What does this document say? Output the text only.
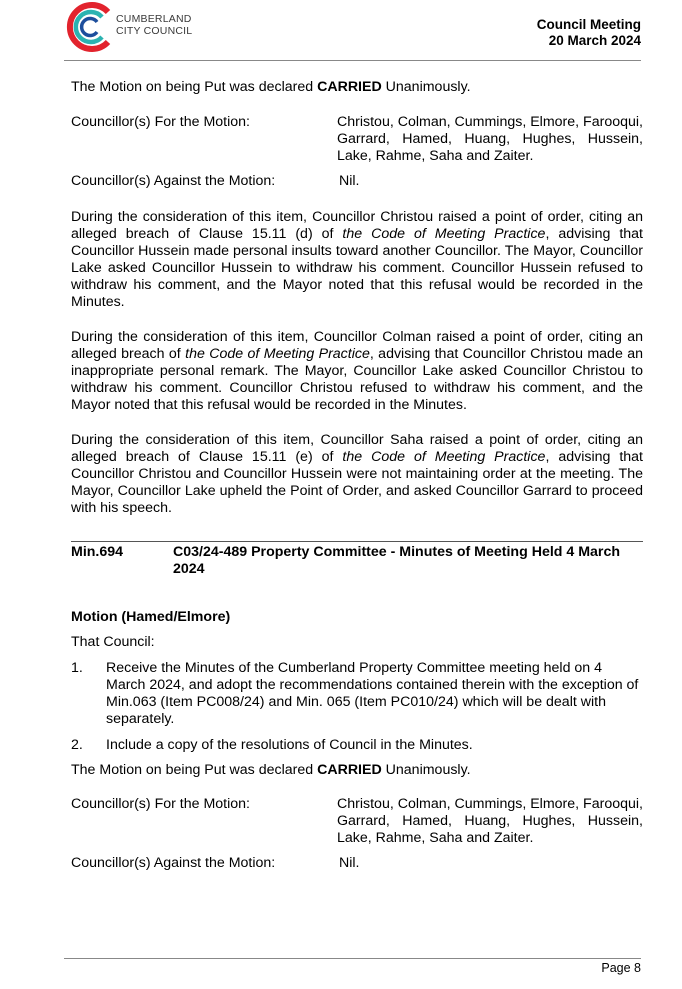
CUMBERLAND
CITY COUNCIL	Council Meeting
20 March 2024

The Motion on being Put was declared CARRIED Unanimously.

Councillor(s) For the Motion:	Christou, Colman, Cummings, Elmore, Farooqui, Garrard, Hamed, Huang, Hughes, Hussein, Lake, Rahme, Saha and Zaiter.
Councillor(s) Against the Motion:	Nil.

During the consideration of this item, Councillor Christou raised a point of order, citing an alleged breach of Clause 15.11 (d) of the Code of Meeting Practice, advising that Councillor Hussein made personal insults toward another Councillor. The Mayor, Councillor Lake asked Councillor Hussein to withdraw his comment. Councillor Hussein refused to withdraw his comment, and the Mayor noted that this refusal would be recorded in the Minutes.

During the consideration of this item, Councillor Colman raised a point of order, citing an alleged breach of the Code of Meeting Practice, advising that Councillor Christou made an inappropriate personal remark. The Mayor, Councillor Lake asked Councillor Christou to withdraw his comment. Councillor Christou refused to withdraw his comment, and the Mayor noted that this refusal would be recorded in the Minutes.

During the consideration of this item, Councillor Saha raised a point of order, citing an alleged breach of Clause 15.11 (e) of the Code of Meeting Practice, advising that Councillor Christou and Councillor Hussein were not maintaining order at the meeting. The Mayor, Councillor Lake upheld the Point of Order, and asked Councillor Garrard to proceed with his speech.

Min.694	C03/24-489 Property Committee - Minutes of Meeting Held 4 March 2024

Motion (Hamed/Elmore)

That Council:

1. Receive the Minutes of the Cumberland Property Committee meeting held on 4 March 2024, and adopt the recommendations contained therein with the exception of Min.063 (Item PC008/24) and Min. 065 (Item PC010/24) which will be dealt with separately.
2. Include a copy of the resolutions of Council in the Minutes.

The Motion on being Put was declared CARRIED Unanimously.

Councillor(s) For the Motion:	Christou, Colman, Cummings, Elmore, Farooqui, Garrard, Hamed, Huang, Hughes, Hussein, Lake, Rahme, Saha and Zaiter.
Councillor(s) Against the Motion:	Nil.
Page 8
